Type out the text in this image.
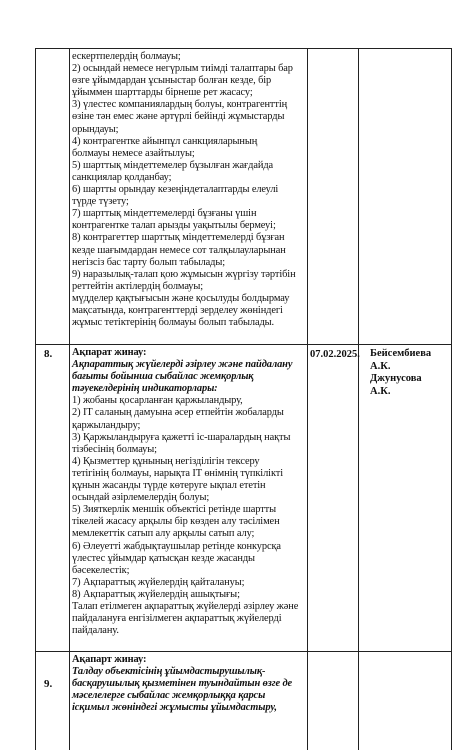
ескертпелердің болмауы;
2) осындай немесе негүрлым тиімді талаптары бар
өзге ұйымдардан ұсыныстар болған кезде, бір
ұйыммен шарттарды бірнеше рет жасасу;
3) үлестес компаниялардың болуы, контрагенттің
өзіне тән емес және әртүрлі бейінді жұмыстарды
орындауы;
4) контрагентке айынпұл санкцияларының
болмауы немесе азайтылуы;
5) шарттық міндеттемелер бұзылған жағдайда
санкциялар қолданбау;
6) шартты орындау кезеңіндеталаптарды елеулі
түрде түзету;
7) шарттық міндеттемелерді бұзғаны үшін
контрагентке талап арызды уақытылы бермеуі;
8) контрагеттер шарттық міндеттемелерді бұзған
кезде шағымдардан немесе сот талқылауларынан
негізсіз бас тарту болып табылады;
9) наразылық-талап қою жұмысын жүргізу тәртібін
реттейтін актілердің болмауы;
мүдделер қақтығысын және қосылуды болдырмау
мақсатында, контрагенттерді зерделеу жөніндегі
жұмыс тетіктерінің болмауы болып табылады.
8. Ақпарат жинау:
Ақпараттық жүйелерді әзірлеу және пайдалану
бағыты бойынша сыбайлас жемқорлық
тәуекелдерінің индикаторлары:
1) жобаны қосарланған қаржыландыру,
2) IT саланың дамуына әсер етпейтін жобаларды
қаржыландыру;
3) Қаржыландыруға қажетті іс-шаралардың нақты
тізбесінің болмауы;
4) Қызметтер құнының негізділігін тексеру
тетігінің болмауы, нарықта IT өнімнің түпкілікті
құнын жасанды түрде көтеруге ықпал ететін
осындай әзірлемелердің болуы;
5) Зияткерлік меншік объектісі ретінде шартты
тікелей жасасу арқылы бір көзден алу тәсілімен
мемлекеттік сатып алу арқылы сатып алу;
6) Әлеуетті жабдықтаушылар ретінде конкурсқа
үлестес ұйымдар қатысқан кезде жасанды
бәсекелестік;
7) Ақпараттық жүйелердің қайталануы;
8) Ақпараттық жүйелердің ашықтығы;
Талап етілмеген ақпараттық жүйелерді әзірлеу және
пайдалануға енгізілмеген ақпараттық жүйелерді
пайдалану.
07.02.2025. Бейсембиева
А.К.
Джунусова
А.К.
9.
Ақапарт жинау:
Талдау объектісінің ұйымдастырушылық-
басқарушылық қызметінен туындайтын өзге де
мәселелерге сыбайлас жемқорлыққа қарсы
ісқимыл жөніндегі жұмысты ұйымдастыру,
